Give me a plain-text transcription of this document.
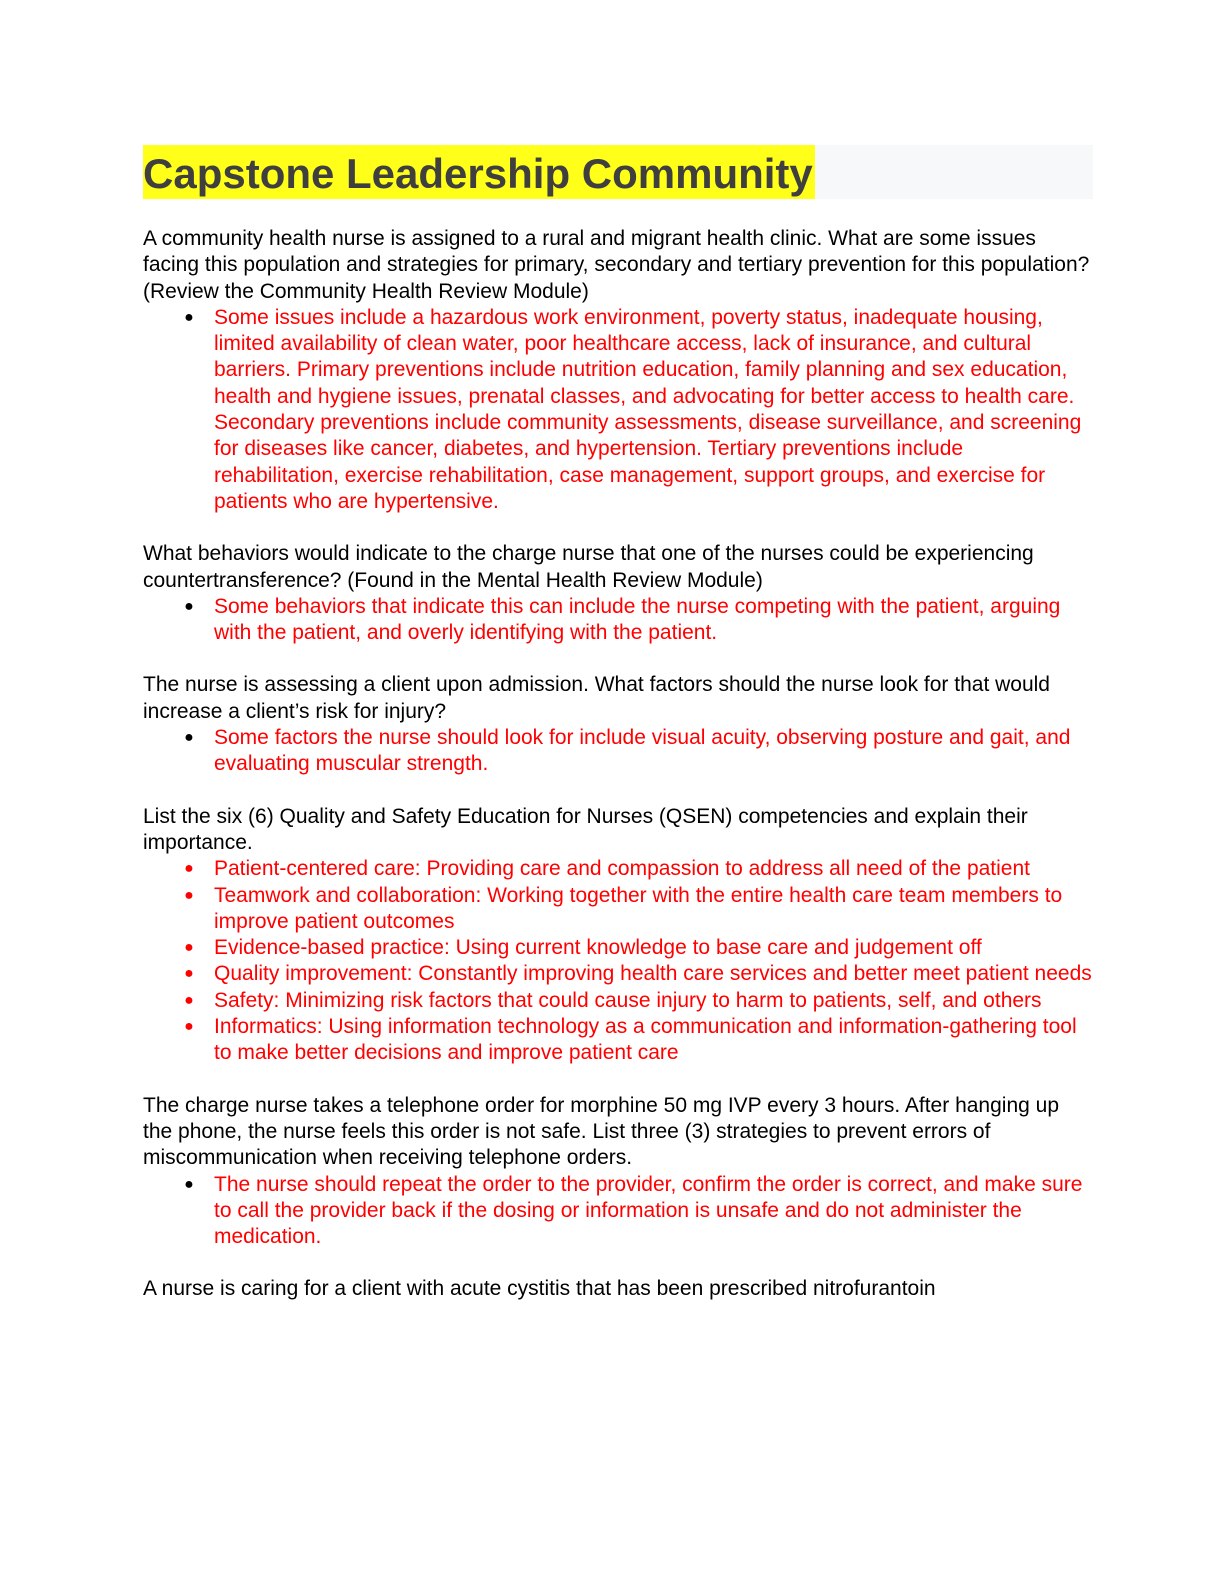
Capstone Leadership Community

A community health nurse is assigned to a rural and migrant health clinic. What are some issues facing this population and strategies for primary, secondary and tertiary prevention for this population? (Review the Community Health Review Module)

● Some issues include a hazardous work environment, poverty status, inadequate housing, limited availability of clean water, poor healthcare access, lack of insurance, and cultural barriers. Primary preventions include nutrition education, family planning and sex education, health and hygiene issues, prenatal classes, and advocating for better access to health care. Secondary preventions include community assessments, disease surveillance, and screening for diseases like cancer, diabetes, and hypertension. Tertiary preventions include rehabilitation, exercise rehabilitation, case management, support groups, and exercise for patients who are hypertensive.

What behaviors would indicate to the charge nurse that one of the nurses could be experiencing countertransference? (Found in the Mental Health Review Module)

● Some behaviors that indicate this can include the nurse competing with the patient, arguing with the patient, and overly identifying with the patient.

The nurse is assessing a client upon admission. What factors should the nurse look for that would increase a client’s risk for injury?

● Some factors the nurse should look for include visual acuity, observing posture and gait, and evaluating muscular strength.

List the six (6) Quality and Safety Education for Nurses (QSEN) competencies and explain their importance.

● Patient-centered care: Providing care and compassion to address all need of the patient
● Teamwork and collaboration: Working together with the entire health care team members to improve patient outcomes
● Evidence-based practice: Using current knowledge to base care and judgement off
● Quality improvement: Constantly improving health care services and better meet patient needs
● Safety: Minimizing risk factors that could cause injury to harm to patients, self, and others
● Informatics: Using information technology as a communication and information-gathering tool to make better decisions and improve patient care

The charge nurse takes a telephone order for morphine 50 mg IVP every 3 hours. After hanging up the phone, the nurse feels this order is not safe. List three (3) strategies to prevent errors of miscommunication when receiving telephone orders.

● The nurse should repeat the order to the provider, confirm the order is correct, and make sure to call the provider back if the dosing or information is unsafe and do not administer the medication.

A nurse is caring for a client with acute cystitis that has been prescribed nitrofurantoin
